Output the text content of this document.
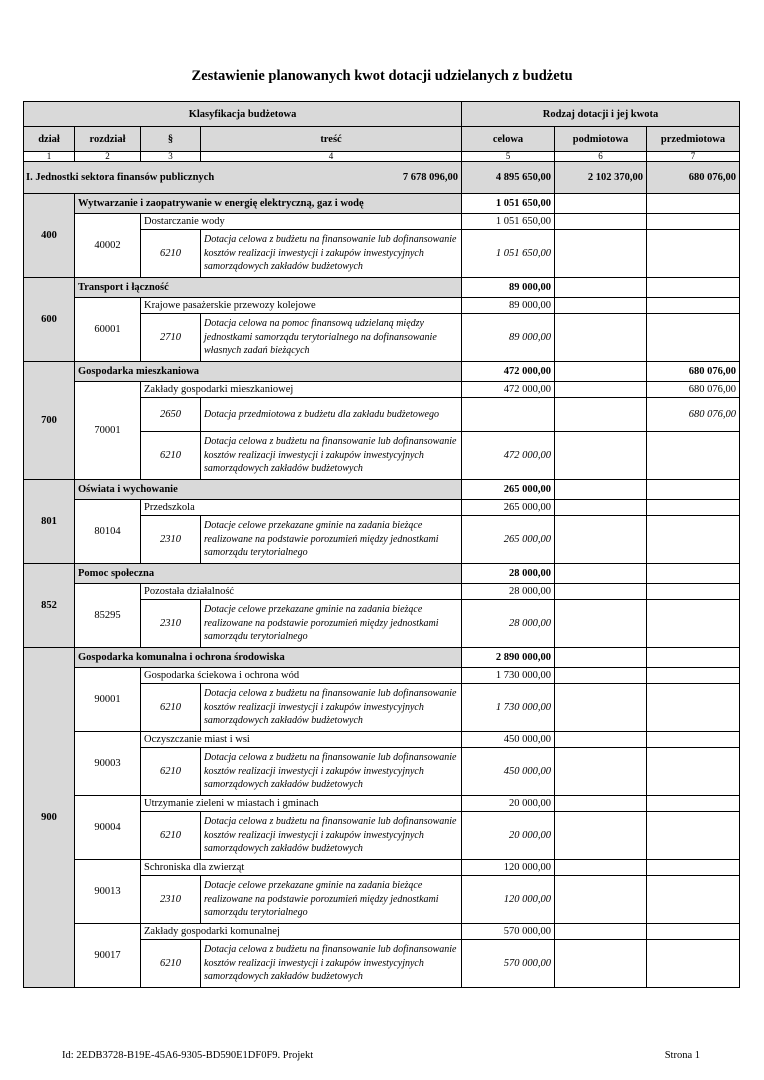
Zestawienie planowanych kwot dotacji udzielanych z budżetu
Klasyfikacja budżetowa				Rodzaj dotacji i jej kwota		
dział	rozdział	§	treść	celowa	podmiotowa	przedmiotowa
1	2	3	4	5	6	7
I. Jednostki sektora finansów publicznych 7 678 096,00				4 895 650,00	2 102 370,00	680 076,00
400	Wytwarzanie i zaopatrywanie w energię elektryczną, gaz i wodę			1 051 650,00		
	40002	Dostarczanie wody		1 051 650,00		
		6210	Dotacja celowa z budżetu na finansowanie lub dofinansowanie kosztów realizacji inwestycji i zakupów inwestycyjnych samorządowych zakładów budżetowych	1 051 650,00		
600	Transport i łączność			89 000,00		
	60001	Krajowe pasażerskie przewozy kolejowe		89 000,00		
		2710	Dotacja celowa na pomoc finansową udzielaną między jednostkami samorządu terytorialnego na dofinansowanie własnych zadań bieżących	89 000,00		
700	Gospodarka mieszkaniowa			472 000,00		680 076,00
	70001	Zakłady gospodarki mieszkaniowej		472 000,00		680 076,00
		2650	Dotacja przedmiotowa z budżetu dla zakładu budżetowego			680 076,00
		6210	Dotacja celowa z budżetu na finansowanie lub dofinansowanie kosztów realizacji inwestycji i zakupów inwestycyjnych samorządowych zakładów budżetowych	472 000,00		
801	Oświata i wychowanie			265 000,00		
	80104	Przedszkola		265 000,00		
		2310	Dotacje celowe przekazane gminie na zadania bieżące realizowane na podstawie porozumień między jednostkami samorządu terytorialnego	265 000,00		
852	Pomoc społeczna			28 000,00		
	85295	Pozostała działalność		28 000,00		
		2310	Dotacje celowe przekazane gminie na zadania bieżące realizowane na podstawie porozumień między jednostkami samorządu terytorialnego	28 000,00		
900	Gospodarka komunalna i ochrona środowiska			2 890 000,00		
	90001	Gospodarka ściekowa i ochrona wód		1 730 000,00		
		6210	Dotacja celowa z budżetu na finansowanie lub dofinansowanie kosztów realizacji inwestycji i zakupów inwestycyjnych samorządowych zakładów budżetowych	1 730 000,00		
	90003	Oczyszczanie miast i wsi		450 000,00		
		6210	Dotacja celowa z budżetu na finansowanie lub dofinansowanie kosztów realizacji inwestycji i zakupów inwestycyjnych samorządowych zakładów budżetowych	450 000,00		
	90004	Utrzymanie zieleni w miastach i gminach		20 000,00		
		6210	Dotacja celowa z budżetu na finansowanie lub dofinansowanie kosztów realizacji inwestycji i zakupów inwestycyjnych samorządowych zakładów budżetowych	20 000,00		
	90013	Schroniska dla zwierząt		120 000,00		
		2310	Dotacje celowe przekazane gminie na zadania bieżące realizowane na podstawie porozumień między jednostkami samorządu terytorialnego	120 000,00		
	90017	Zakłady gospodarki komunalnej		570 000,00		
		6210	Dotacja celowa z budżetu na finansowanie lub dofinansowanie kosztów realizacji inwestycji i zakupów inwestycyjnych samorządowych zakładów budżetowych	570 000,00		
Id: 2EDB3728-B19E-45A6-9305-BD590E1DF0F9. Projekt	Strona 1
